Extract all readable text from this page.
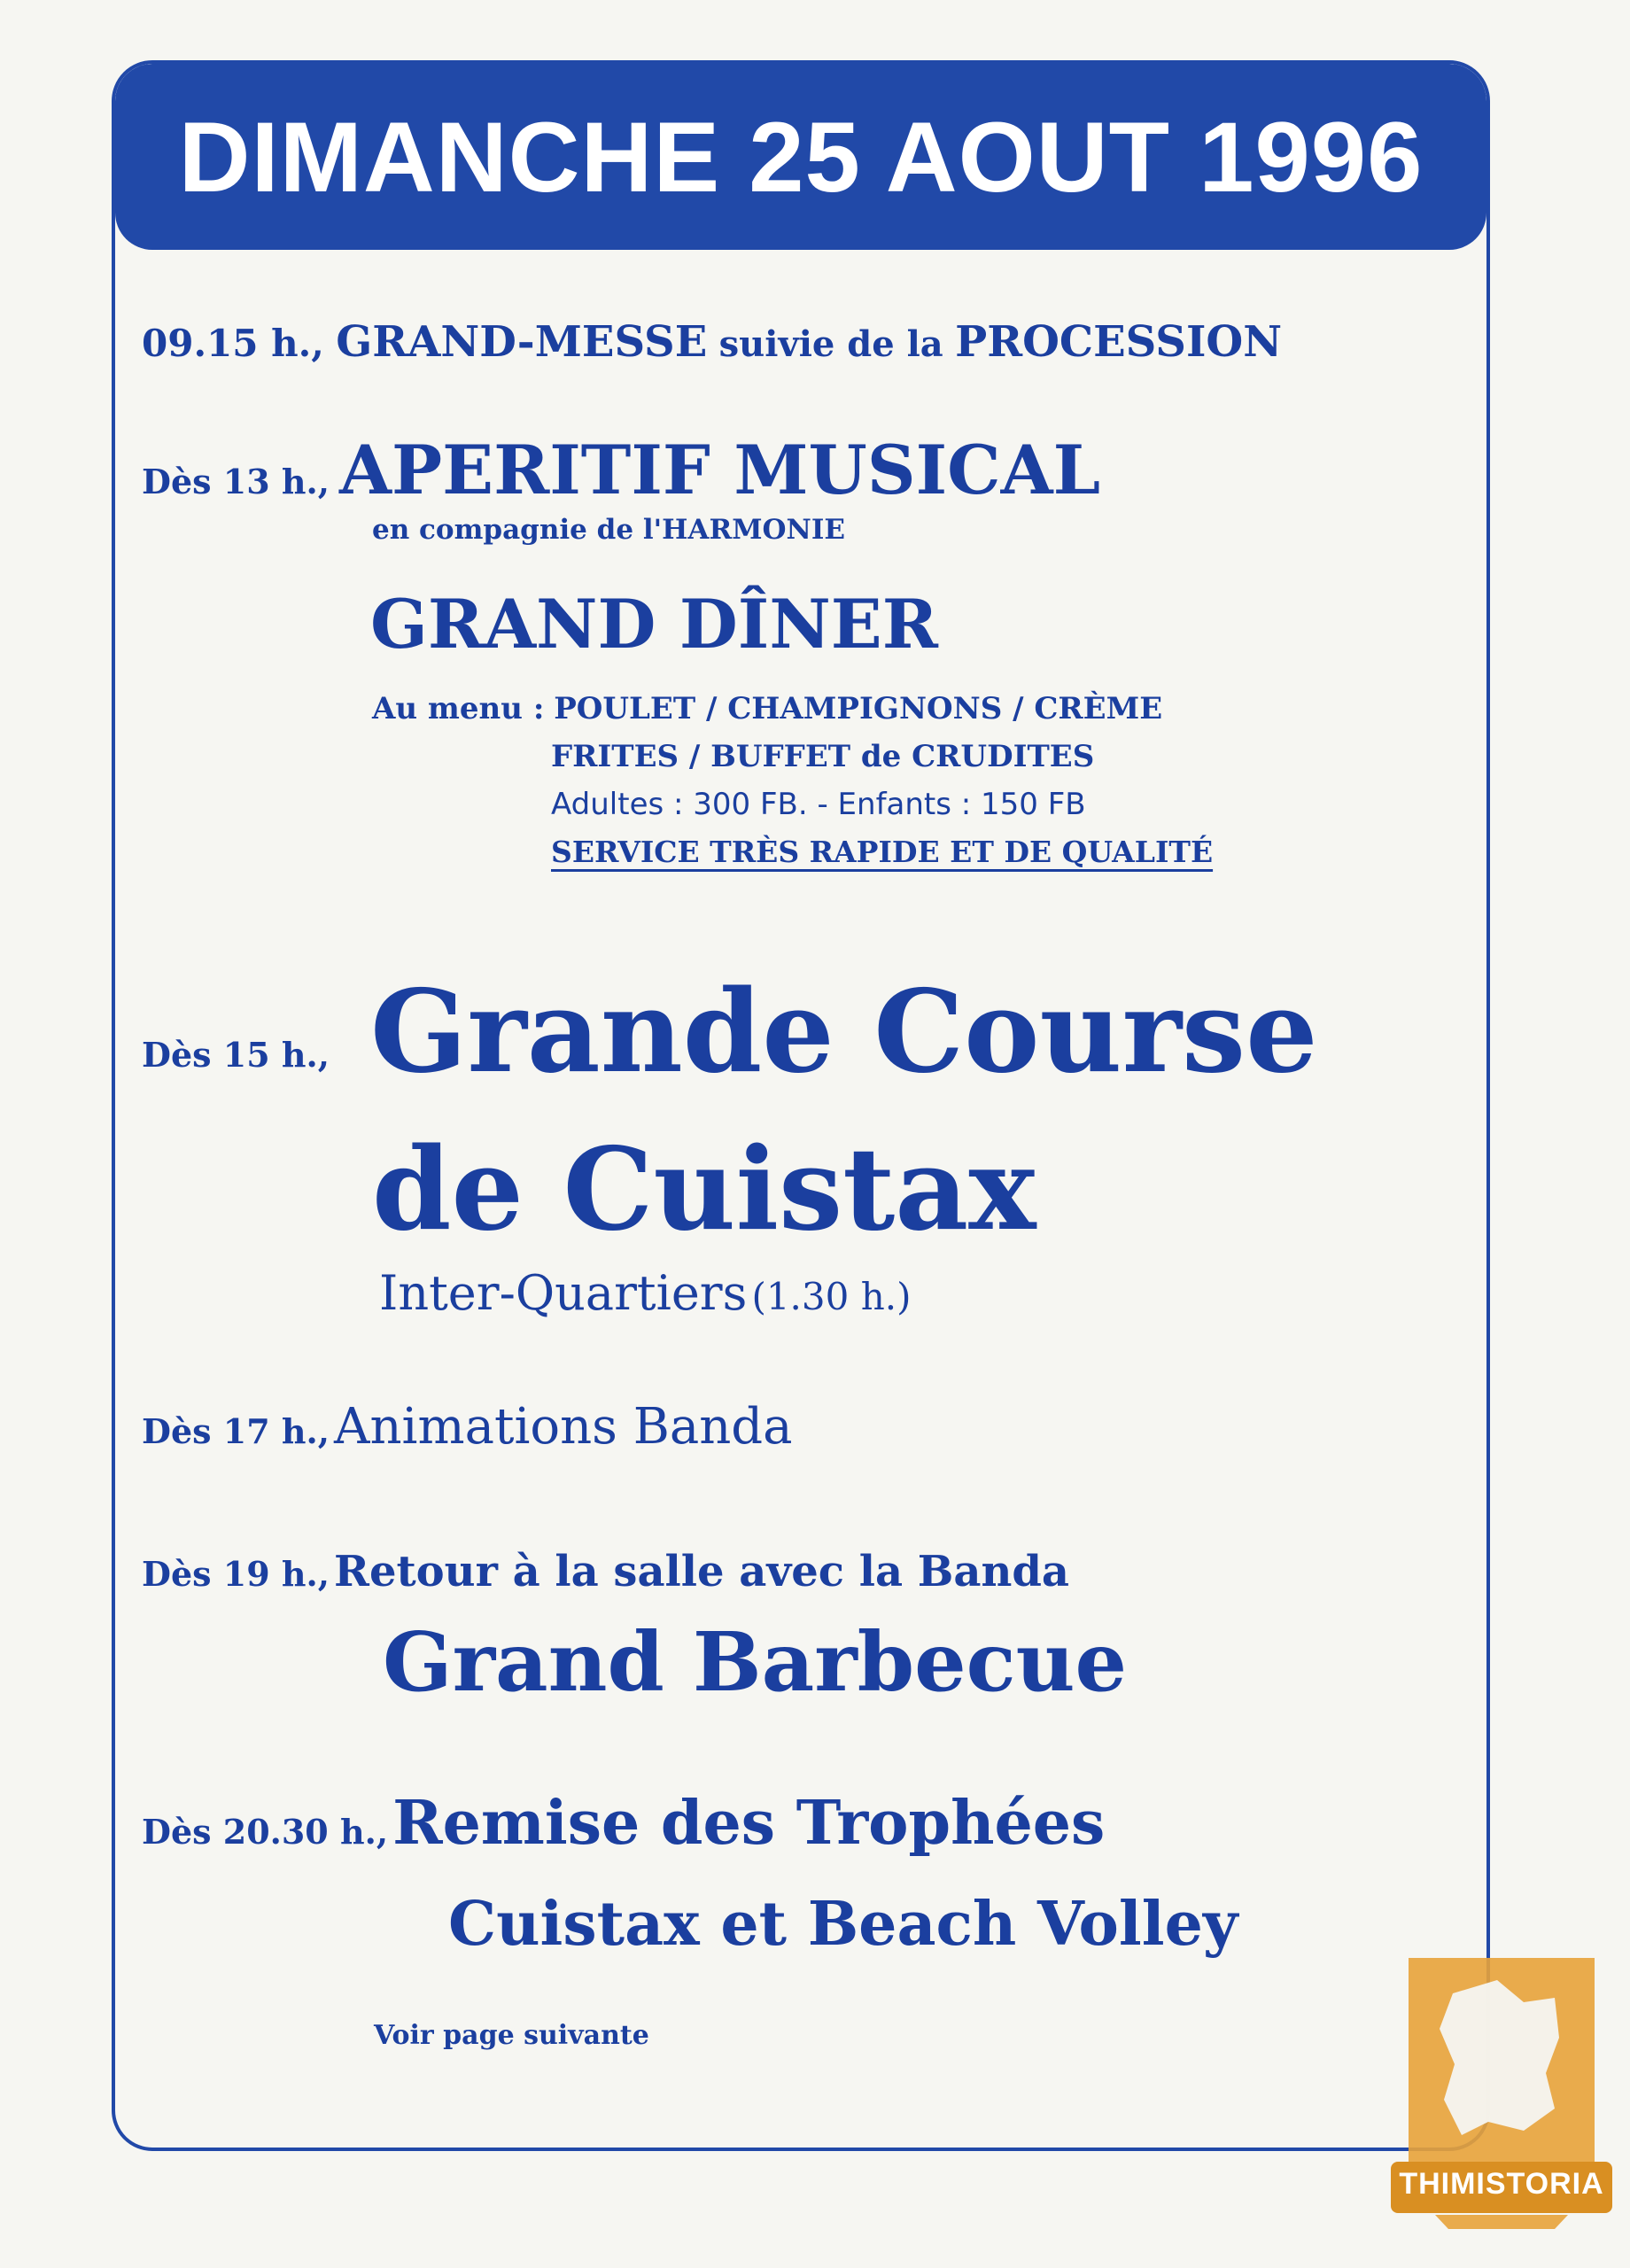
DIMANCHE 25 AOUT 1996
09.15 h., GRAND-MESSE suivie de la PROCESSION
Dès 13 h., APERITIF MUSICAL
en compagnie de l'HARMONIE
GRAND DÎNER
Au menu : POULET / CHAMPIGNONS / CRÈME
FRITES / BUFFET de CRUDITES
Adultes : 300 FB. - Enfants : 150 FB
SERVICE TRÈS RAPIDE ET DE QUALITÉ
Dès 15 h., Grande Course
de Cuistax
Inter-Quartiers (1.30 h.)
Dès 17 h., Animations Banda
Dès 19 h., Retour à la salle avec la Banda
Grand Barbecue
Dès 20.30 h., Remise des Trophées
Cuistax et Beach Volley
Voir page suivante
THIMISTORIA
